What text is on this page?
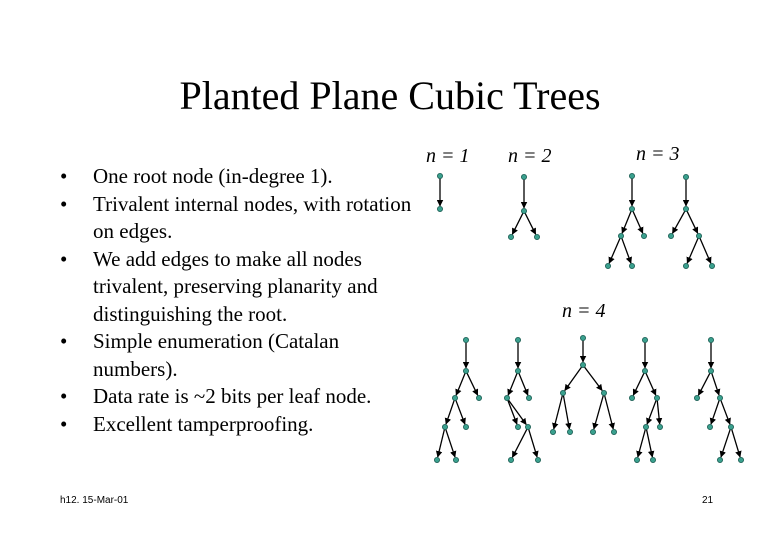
Planted Plane Cubic Trees
• One root node (in-degree 1).
• Trivalent internal nodes, with rotation on edges.
• We add edges to make all nodes trivalent, preserving planarity and distinguishing the root.
• Simple enumeration (Catalan numbers).
• Data rate is ~2 bits per leaf node.
• Excellent tamperproofing.
n = 1 n = 2	n = 3
n = 4
h12. 15-Mar-01	21
